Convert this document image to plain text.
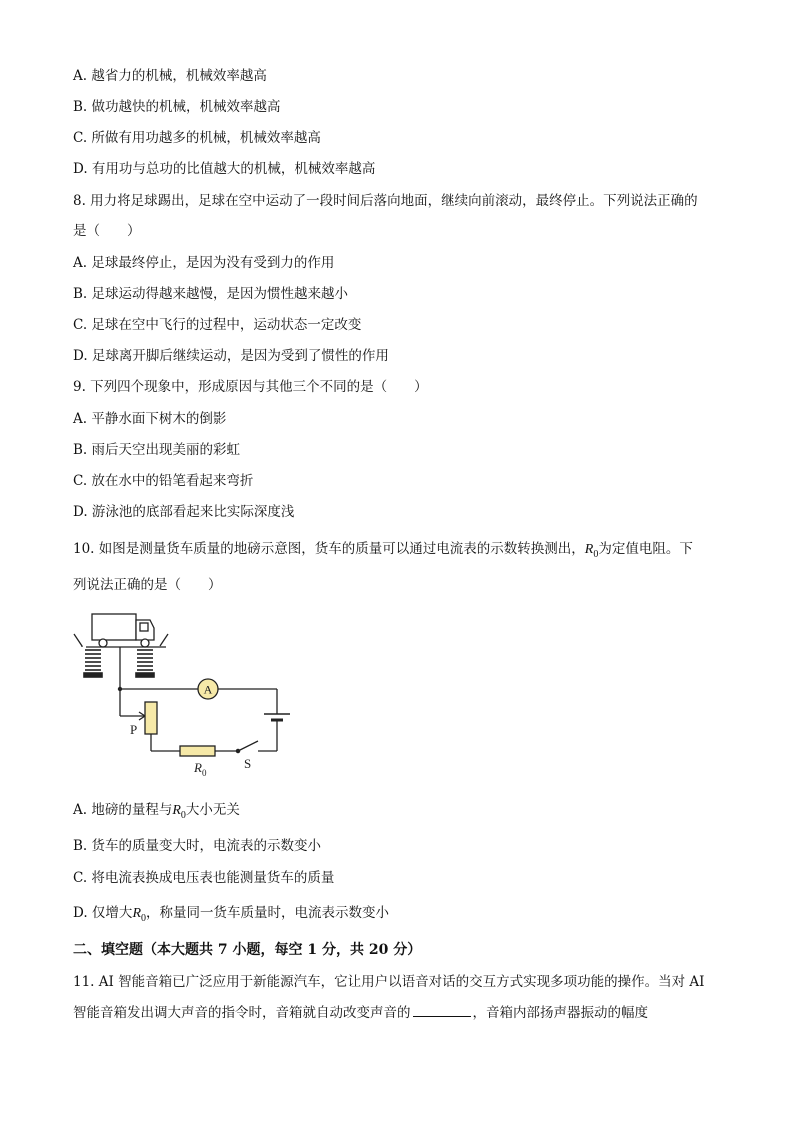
A. 越省力的机械，机械效率越高
B. 做功越快的机械，机械效率越高
C. 所做有用功越多的机械，机械效率越高
D. 有用功与总功的比值越大的机械，机械效率越高
8. 用力将足球踢出，足球在空中运动了一段时间后落向地面，继续向前滚动，最终停止。下列说法正确的
是（　　）
A. 足球最终停止，是因为没有受到力的作用
B. 足球运动得越来越慢，是因为惯性越来越小
C. 足球在空中飞行的过程中，运动状态一定改变
D. 足球离开脚后继续运动，是因为受到了惯性的作用
9. 下列四个现象中，形成原因与其他三个不同的是（　　）
A. 平静水面下树木的倒影
B. 雨后天空出现美丽的彩虹
C. 放在水中的铅笔看起来弯折
D. 游泳池的底部看起来比实际深度浅
10. 如图是测量货车质量的地磅示意图，货车的质量可以通过电流表的示数转换测出，$R_0$为定值电阻。下
列说法正确的是（　　）
A
P
$R_0$
S
A. 地磅的量程与$R_0$大小无关
B. 货车的质量变大时，电流表的示数变小
C. 将电流表换成电压表也能测量货车的质量
D. 仅增大$R_0$，称量同一货车质量时，电流表示数变小
二、填空题（本大题共 7 小题，每空 1 分，共 20 分）
11. AI 智能音箱已广泛应用于新能源汽车，它让用户以语音对话的交互方式实现多项功能的操作。当对 AI
智能音箱发出调大声音的指令时，音箱就自动改变声音的	，音箱内部扬声器振动的幅度
